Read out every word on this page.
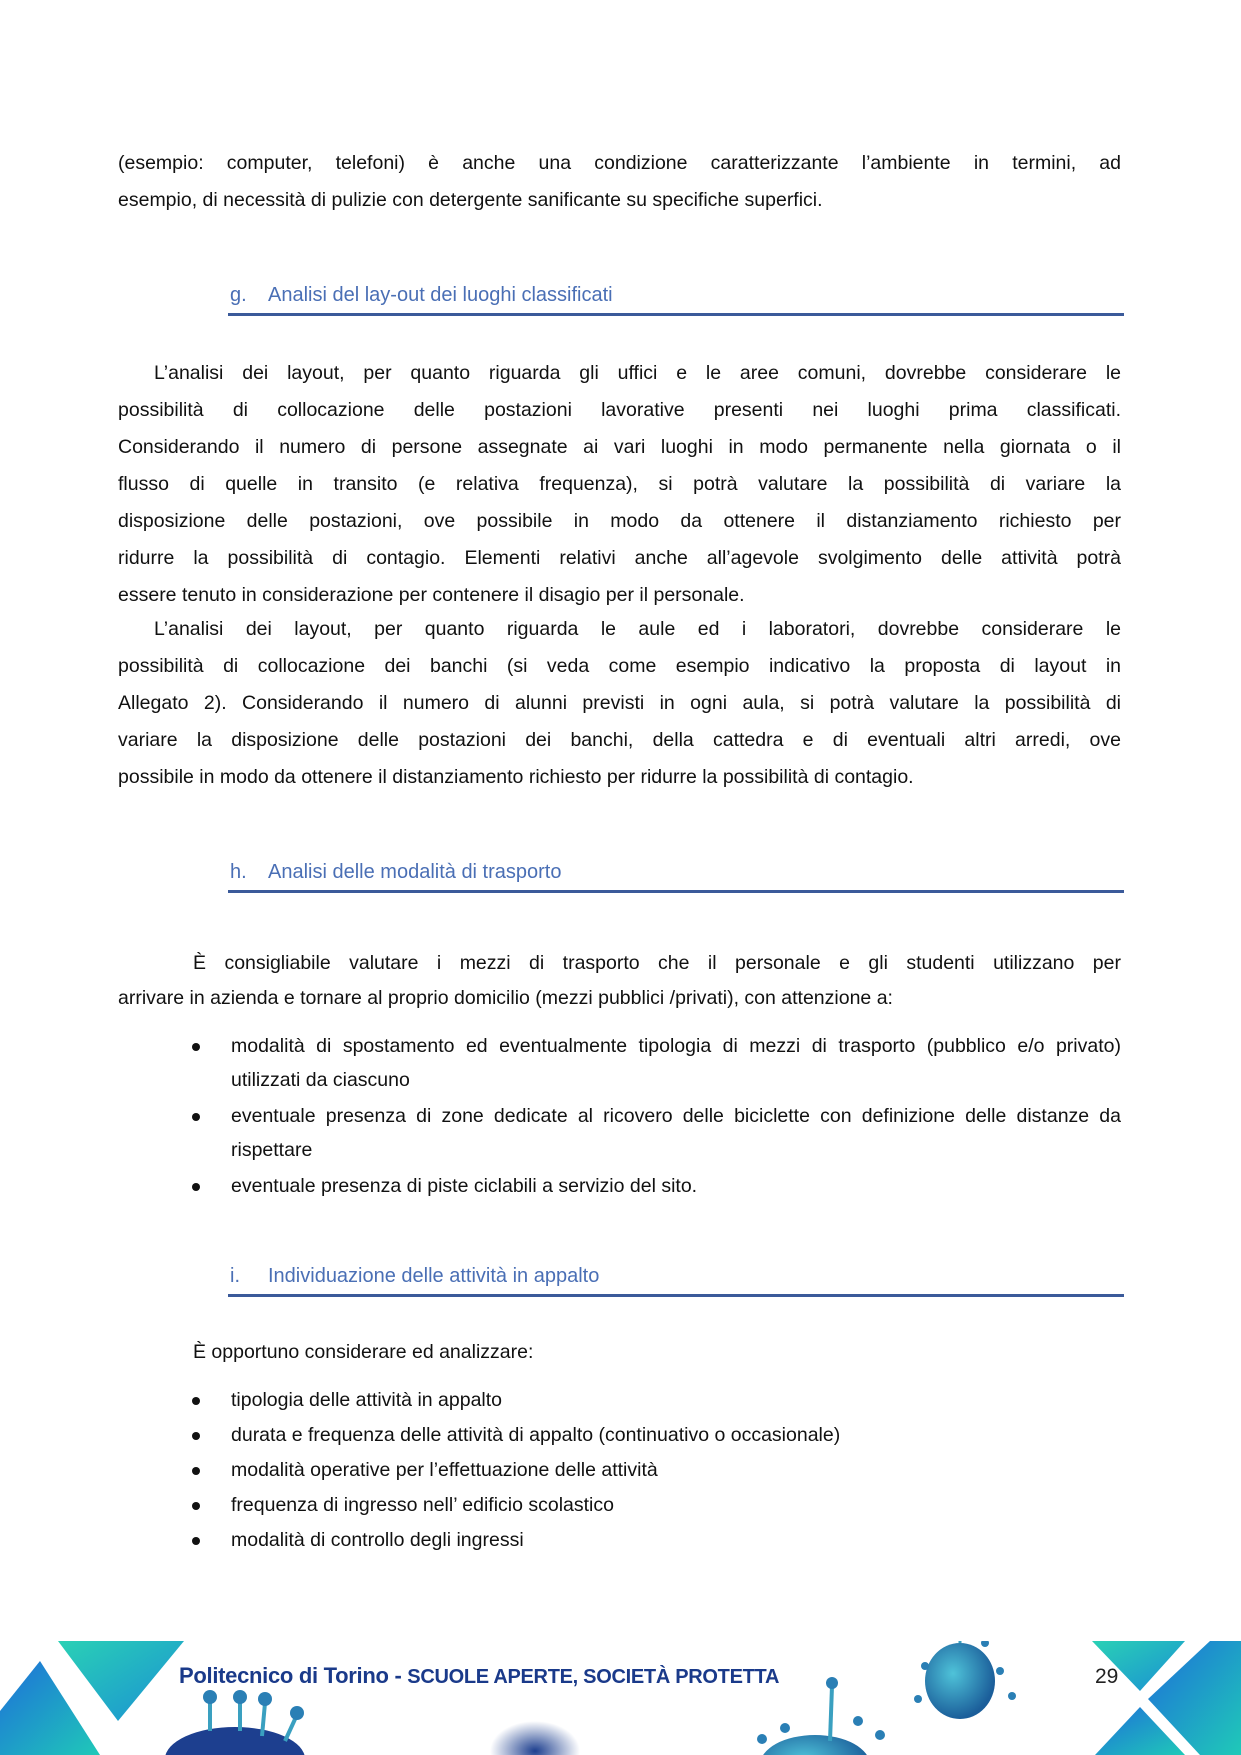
(esempio: computer, telefoni) è anche una condizione caratterizzante l’ambiente in termini, ad
esempio, di necessità di pulizie con detergente sanificante su specifiche superfici.
g. Analisi del lay-out dei luoghi classificati
L’analisi dei layout, per quanto riguarda gli uffici e le aree comuni, dovrebbe considerare le
possibilità di collocazione delle postazioni lavorative presenti nei luoghi prima classificati.
Considerando il numero di persone assegnate ai vari luoghi in modo permanente nella giornata o il
flusso di quelle in transito (e relativa frequenza), si potrà valutare la possibilità di variare la
disposizione delle postazioni, ove possibile in modo da ottenere il distanziamento richiesto per
ridurre la possibilità di contagio. Elementi relativi anche all’agevole svolgimento delle attività potrà
essere tenuto in considerazione per contenere il disagio per il personale.
L’analisi dei layout, per quanto riguarda le aule ed i laboratori, dovrebbe considerare le
possibilità di collocazione dei banchi (si veda come esempio indicativo la proposta di layout in
Allegato 2). Considerando il numero di alunni previsti in ogni aula, si potrà valutare la possibilità di
variare la disposizione delle postazioni dei banchi, della cattedra e di eventuali altri arredi, ove
possibile in modo da ottenere il distanziamento richiesto per ridurre la possibilità di contagio.
h. Analisi delle modalità di trasporto
È consigliabile valutare i mezzi di trasporto che il personale e gli studenti utilizzano per
arrivare in azienda e tornare al proprio domicilio (mezzi pubblici /privati), con attenzione a:
modalità di spostamento ed eventualmente tipologia di mezzi di trasporto (pubblico e/o privato) utilizzati da ciascuno
eventuale presenza di zone dedicate al ricovero delle biciclette con definizione delle distanze da rispettare
eventuale presenza di piste ciclabili a servizio del sito.
i. Individuazione delle attività in appalto
È opportuno considerare ed analizzare:
tipologia delle attività in appalto
durata e frequenza delle attività di appalto (continuativo o occasionale)
modalità operative per l’effettuazione delle attività
frequenza di ingresso nell’ edificio scolastico
modalità di controllo degli ingressi
Politecnico di Torino - SCUOLE APERTE, SOCIETÀ PROTETTA	29
